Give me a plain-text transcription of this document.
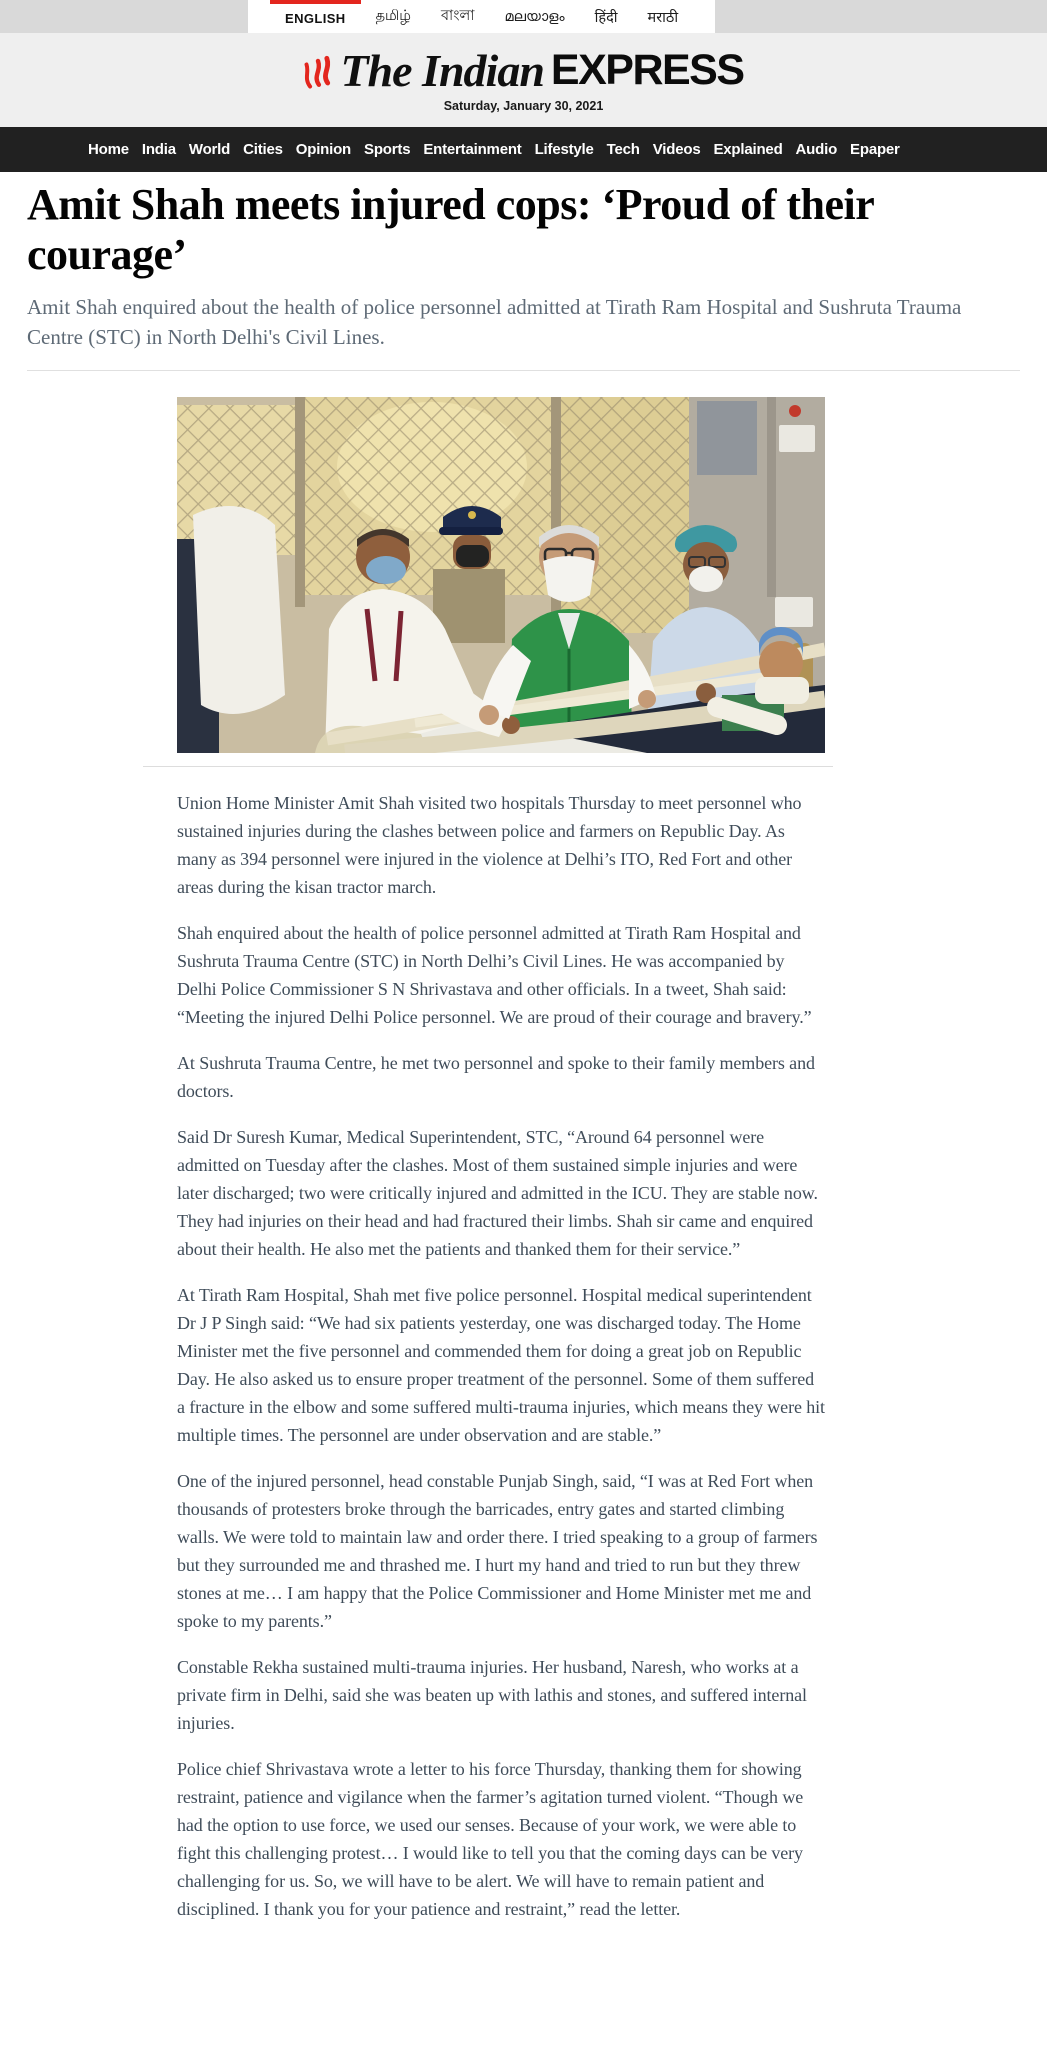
ENGLISH	தமிழ்	বাংলা	മലയാളം	हिंदी	मराठी
The Indian EXPRESS
Saturday, January 30, 2021
Home India World Cities Opinion Sports Entertainment Lifestyle Tech Videos Explained Audio Epaper
Amit Shah meets injured cops: ‘Proud of their courage’
Amit Shah enquired about the health of police personnel admitted at Tirath Ram Hospital and Sushruta Trauma Centre (STC) in North Delhi's Civil Lines.

Union Home Minister Amit Shah visited two hospitals Thursday to meet personnel who sustained injuries during the clashes between police and farmers on Republic Day. As many as 394 personnel were injured in the violence at Delhi’s ITO, Red Fort and other areas during the kisan tractor march.

Shah enquired about the health of police personnel admitted at Tirath Ram Hospital and Sushruta Trauma Centre (STC) in North Delhi’s Civil Lines. He was accompanied by Delhi Police Commissioner S N Shrivastava and other officials. In a tweet, Shah said: “Meeting the injured Delhi Police personnel. We are proud of their courage and bravery.”

At Sushruta Trauma Centre, he met two personnel and spoke to their family members and doctors.

Said Dr Suresh Kumar, Medical Superintendent, STC, “Around 64 personnel were admitted on Tuesday after the clashes. Most of them sustained simple injuries and were later discharged; two were critically injured and admitted in the ICU. They are stable now. They had injuries on their head and had fractured their limbs. Shah sir came and enquired about their health. He also met the patients and thanked them for their service.”

At Tirath Ram Hospital, Shah met five police personnel. Hospital medical superintendent Dr J P Singh said: “We had six patients yesterday, one was discharged today. The Home Minister met the five personnel and commended them for doing a great job on Republic Day. He also asked us to ensure proper treatment of the personnel. Some of them suffered a fracture in the elbow and some suffered multi-trauma injuries, which means they were hit multiple times. The personnel are under observation and are stable.”

One of the injured personnel, head constable Punjab Singh, said, “I was at Red Fort when thousands of protesters broke through the barricades, entry gates and started climbing walls. We were told to maintain law and order there. I tried speaking to a group of farmers but they surrounded me and thrashed me. I hurt my hand and tried to run but they threw stones at me… I am happy that the Police Commissioner and Home Minister met me and spoke to my parents.”

Constable Rekha sustained multi-trauma injuries. Her husband, Naresh, who works at a private firm in Delhi, said she was beaten up with lathis and stones, and suffered internal injuries.

Police chief Shrivastava wrote a letter to his force Thursday, thanking them for showing restraint, patience and vigilance when the farmer’s agitation turned violent. “Though we had the option to use force, we used our senses. Because of your work, we were able to fight this challenging protest… I would like to tell you that the coming days can be very challenging for us. So, we will have to be alert. We will have to remain patient and disciplined. I thank you for your patience and restraint,” read the letter.
